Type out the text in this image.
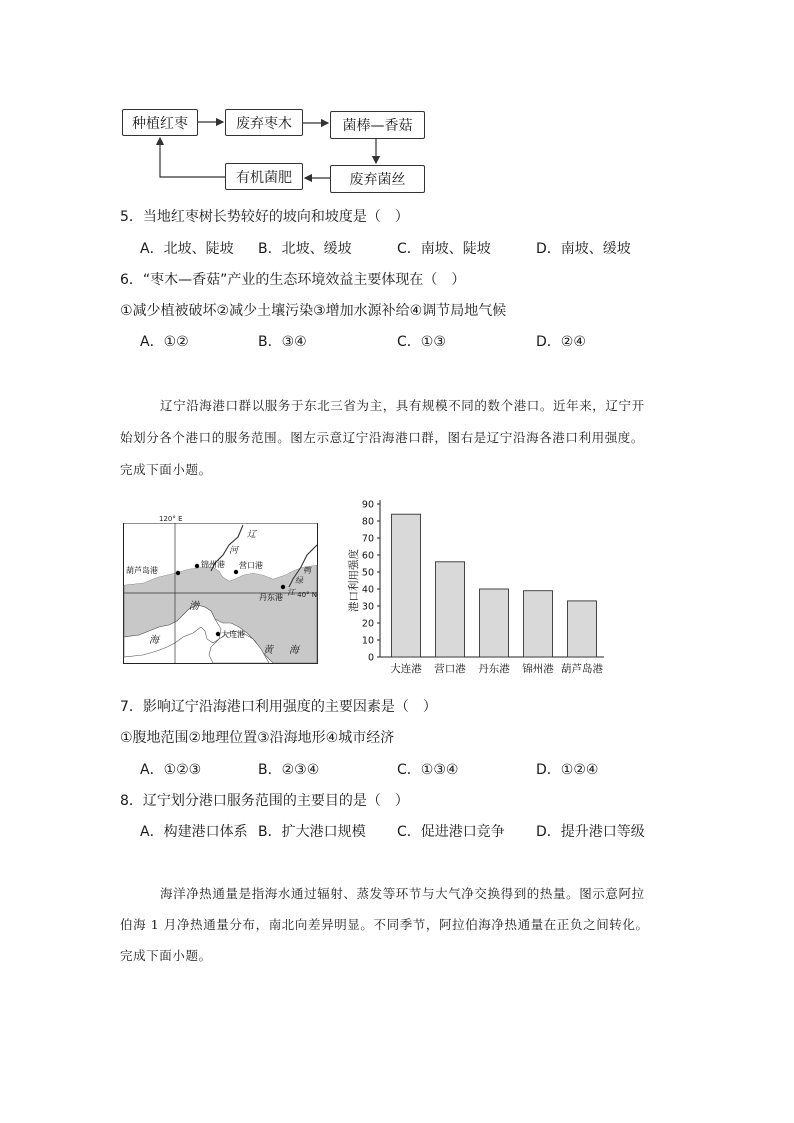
种植红枣	废弃枣木	菌棒—香菇
有机菌肥	废弃菌丝
5．当地红枣树长势较好的坡向和坡度是（　）
A．北坡、陡坡 B．北坡、缓坡	C．南坡、陡坡	D．南坡、缓坡
6．“枣木—香菇”产业的生态环境效益主要体现在（　）
①减少植被破坏②减少土壤污染③增加水源补给④调节局地气候
A．①②	B．③④	C．①③	D．②④
辽宁沿海港口群以服务于东北三省为主，具有规模不同的数个港口。近年来，辽宁开
始划分各个港口的服务范围。图左示意辽宁沿海港口群，图右是辽宁沿海各港口利用强度。
完成下面小题。
120° E
40° N
葫芦岛港
锦州港 营口港
丹东港
大连港
辽
河
鸭
绿
江
渤
海
黄 海
0
10
20
30
40
50
60
70
80
90
港口利用强度
大连港 营口港 丹东港 锦州港 葫芦岛港
7．影响辽宁沿海港口利用强度的主要因素是（　）
①腹地范围②地理位置③沿海地形④城市经济
A．①②③	B．②③④	C．①③④	D．①②④
8．辽宁划分港口服务范围的主要目的是（　）
A．构建港口体系 B．扩大港口规模 C．促进港口竞争 D．提升港口等级
海洋净热通量是指海水通过辐射、蒸发等环节与大气净交换得到的热量。图示意阿拉
伯海 1 月净热通量分布，南北向差异明显。不同季节，阿拉伯海净热通量在正负之间转化。
完成下面小题。
